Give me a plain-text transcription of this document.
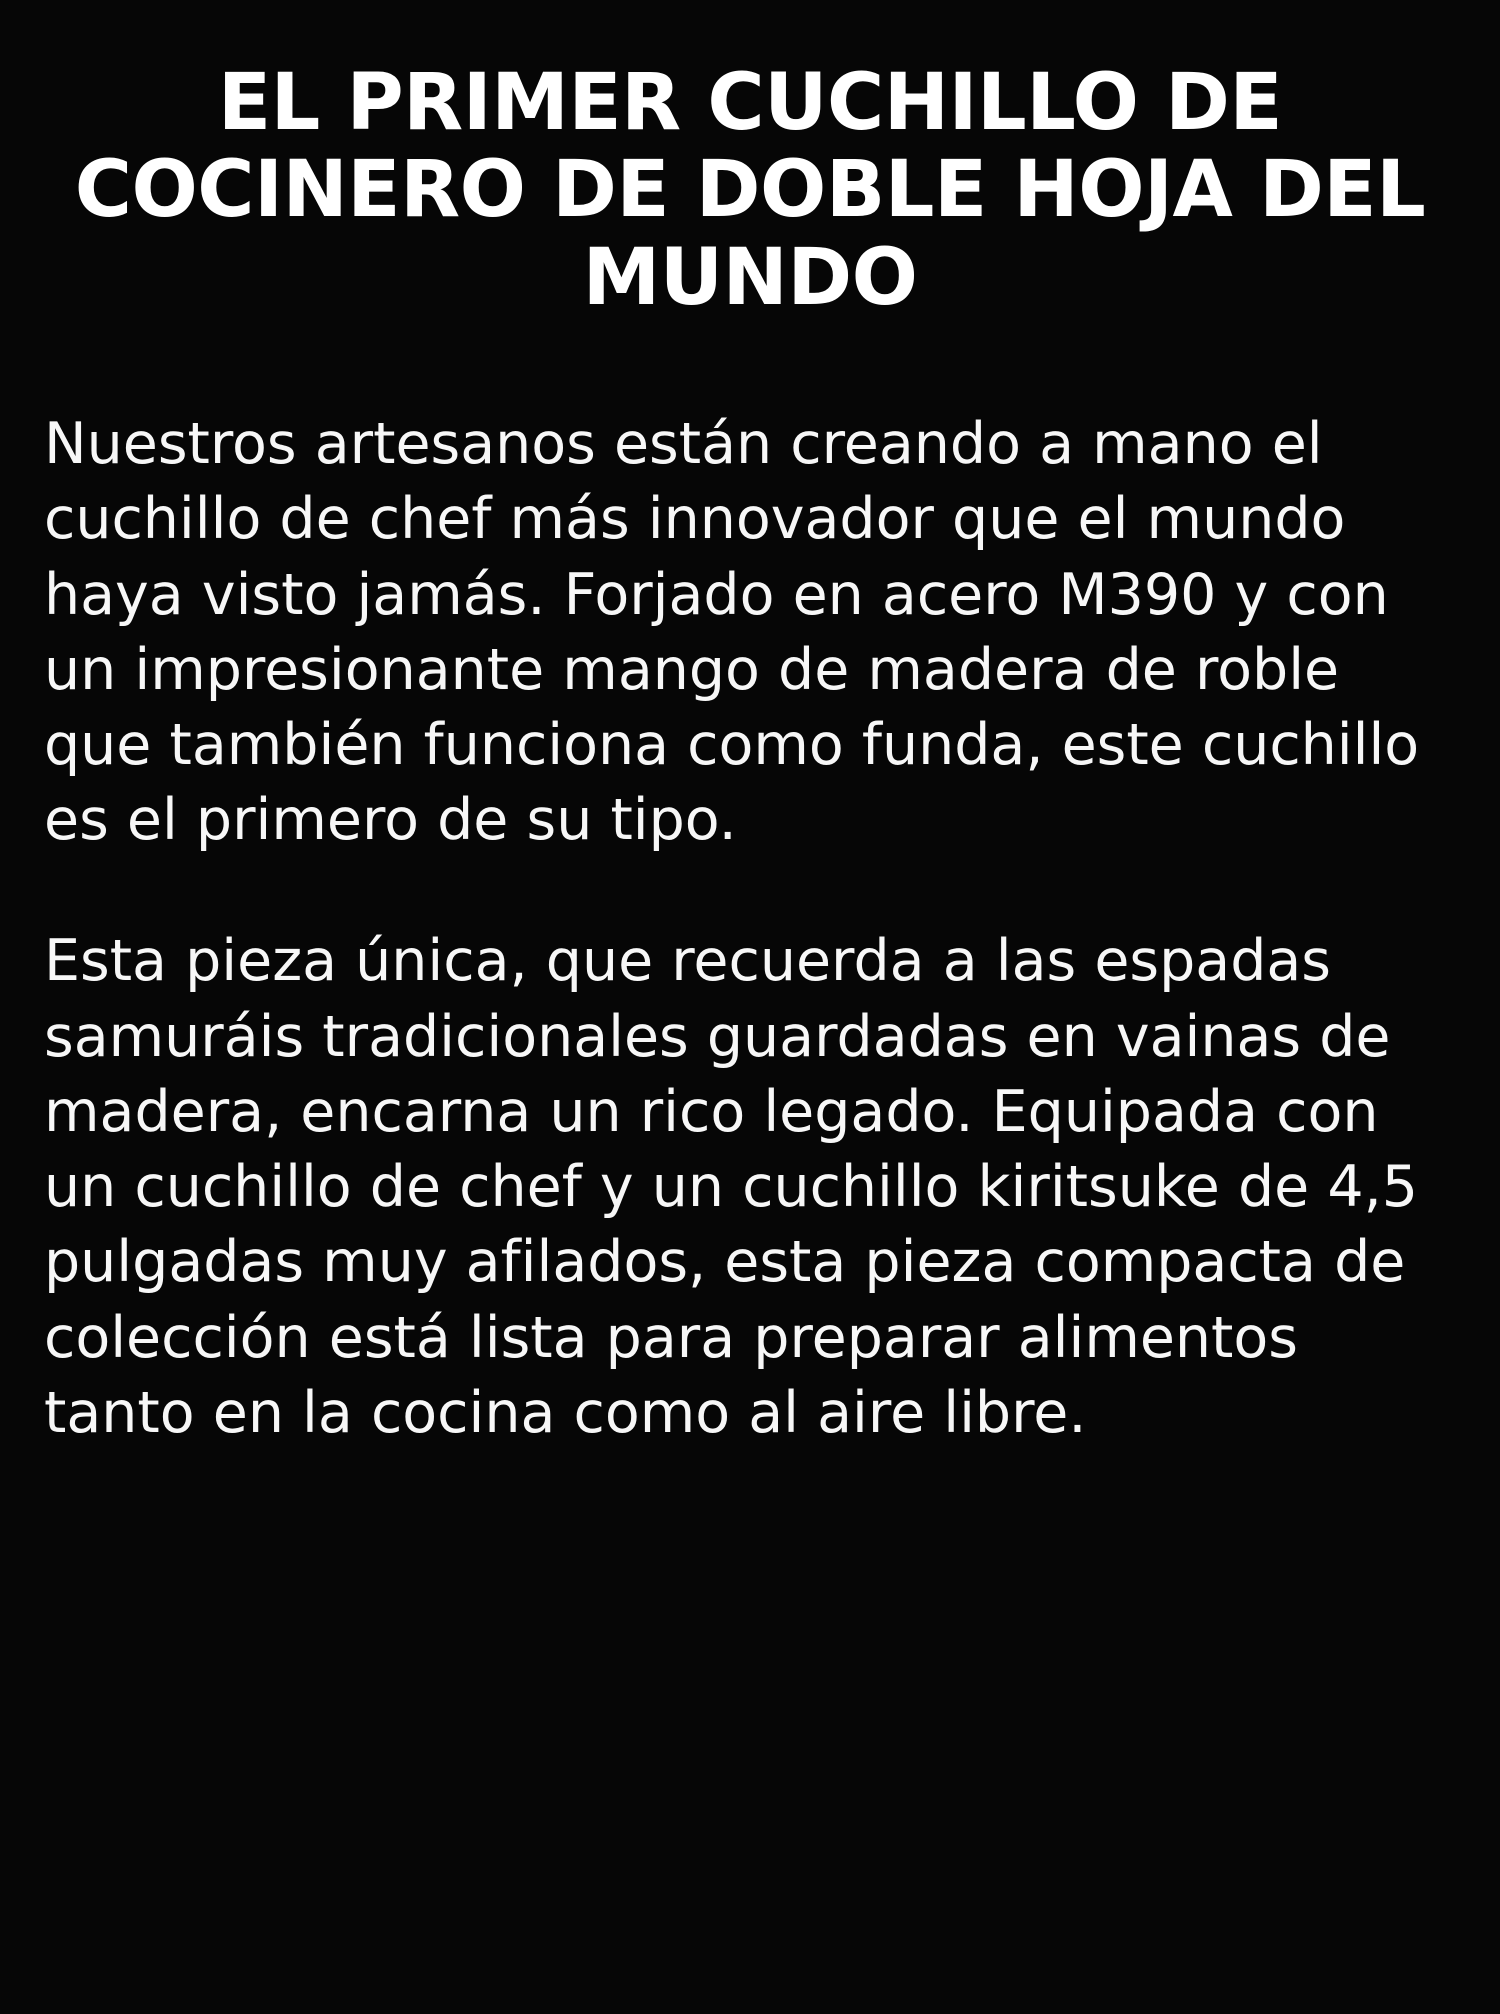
EL PRIMER CUCHILLO DE COCINERO DE DOBLE HOJA DEL MUNDO

Nuestros artesanos están creando a mano el cuchillo de chef más innovador que el mundo haya visto jamás. Forjado en acero M390 y con un impresionante mango de madera de roble que también funciona como funda, este cuchillo es el primero de su tipo.

Esta pieza única, que recuerda a las espadas samuráis tradicionales guardadas en vainas de madera, encarna un rico legado. Equipada con un cuchillo de chef y un cuchillo kiritsuke de 4,5 pulgadas muy afilados, esta pieza compacta de colección está lista para preparar alimentos tanto en la cocina como al aire libre.
